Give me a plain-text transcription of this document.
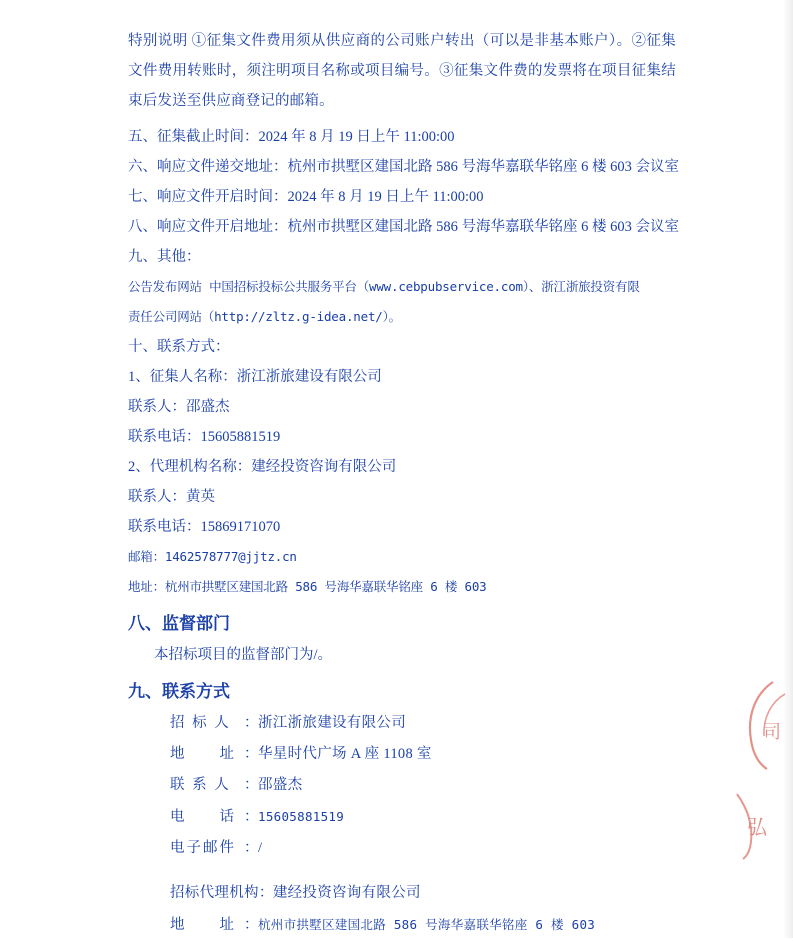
特别说明 ①征集文件费用须从供应商的公司账户转出（可以是非基本账户）。②征集文件费用转账时，须注明项目名称或项目编号。③征集文件费的发票将在项目征集结束后发送至供应商登记的邮箱。

五、征集截止时间：2024 年 8 月 19 日上午 11:00:00
六、响应文件递交地址：杭州市拱墅区建国北路 586 号海华嘉联华铭座 6 楼 603 会议室
七、响应文件开启时间：2024 年 8 月 19 日上午 11:00:00
八、响应文件开启地址：杭州市拱墅区建国北路 586 号海华嘉联华铭座 6 楼 603 会议室
九、其他：
公告发布网站 中国招标投标公共服务平台（www.cebpubservice.com）、浙江浙旅投资有限
责任公司网站（http://zltz.g-idea.net/）。
十、联系方式：
1、征集人名称：浙江浙旅建设有限公司
联系人：邵盛杰
联系电话：15605881519
2、代理机构名称：建经投资咨询有限公司
联系人：黄英
联系电话：15869171070
邮箱：1462578777@jjtz.cn
地址：杭州市拱墅区建国北路 586 号海华嘉联华铭座 6 楼 603
八、监督部门
本招标项目的监督部门为/。
九、联系方式
招 标 人 ：浙江浙旅建设有限公司
地　　址 ：华星时代广场 A 座 1108 室
联 系 人 ：邵盛杰
电　　话 ：15605881519
电子邮件 ：/
招标代理机构：建经投资咨询有限公司
地　　址 ：杭州市拱墅区建国北路 586 号海华嘉联华铭座 6 楼 603
司
弘
